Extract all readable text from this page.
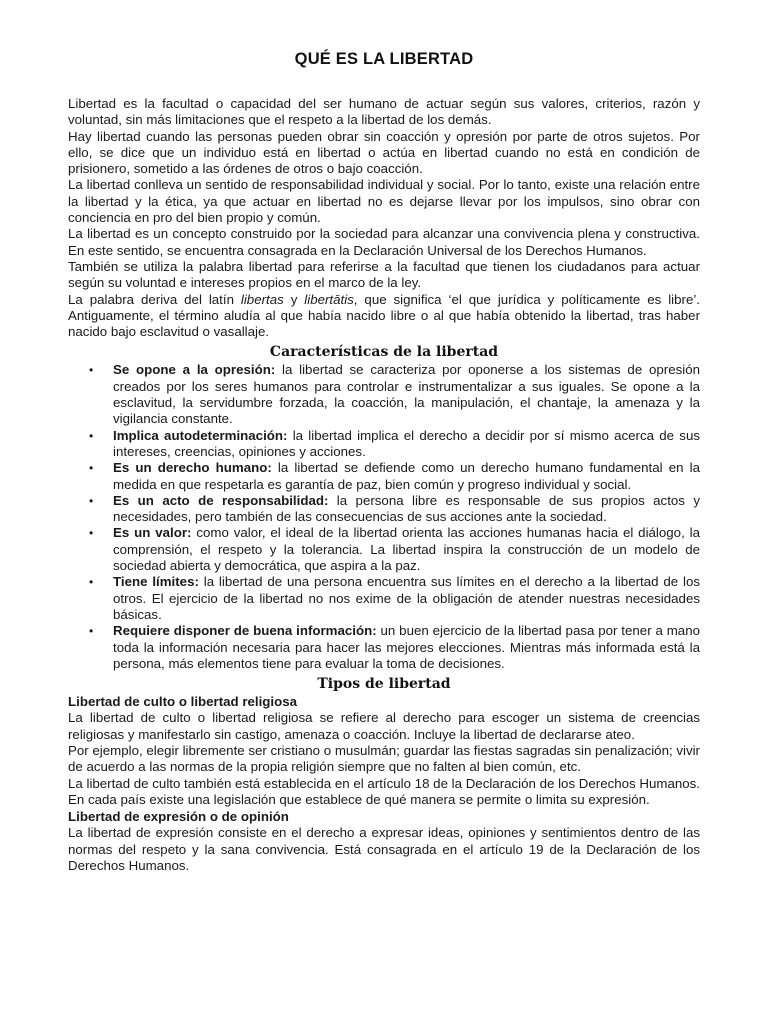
QUÉ ES LA LIBERTAD

Libertad es la facultad o capacidad del ser humano de actuar según sus valores, criterios, razón y voluntad, sin más limitaciones que el respeto a la libertad de los demás.

Hay libertad cuando las personas pueden obrar sin coacción y opresión por parte de otros sujetos. Por ello, se dice que un individuo está en libertad o actúa en libertad cuando no está en condición de prisionero, sometido a las órdenes de otros o bajo coacción.

La libertad conlleva un sentido de responsabilidad individual y social. Por lo tanto, existe una relación entre la libertad y la ética, ya que actuar en libertad no es dejarse llevar por los impulsos, sino obrar con conciencia en pro del bien propio y común.

La libertad es un concepto construido por la sociedad para alcanzar una convivencia plena y constructiva. En este sentido, se encuentra consagrada en la Declaración Universal de los Derechos Humanos.

También se utiliza la palabra libertad para referirse a la facultad que tienen los ciudadanos para actuar según su voluntad e intereses propios en el marco de la ley.

La palabra deriva del latín libertas y libertātis, que significa ‘el que jurídica y políticamente es libre’. Antiguamente, el término aludía al que había nacido libre o al que había obtenido la libertad, tras haber nacido bajo esclavitud o vasallaje.

Características de la libertad
• Se opone a la opresión: la libertad se caracteriza por oponerse a los sistemas de opresión creados por los seres humanos para controlar e instrumentalizar a sus iguales. Se opone a la esclavitud, la servidumbre forzada, la coacción, la manipulación, el chantaje, la amenaza y la vigilancia constante.
• Implica autodeterminación: la libertad implica el derecho a decidir por sí mismo acerca de sus intereses, creencias, opiniones y acciones.
• Es un derecho humano: la libertad se defiende como un derecho humano fundamental en la medida en que respetarla es garantía de paz, bien común y progreso individual y social.
• Es un acto de responsabilidad: la persona libre es responsable de sus propios actos y necesidades, pero también de las consecuencias de sus acciones ante la sociedad.
• Es un valor: como valor, el ideal de la libertad orienta las acciones humanas hacia el diálogo, la comprensión, el respeto y la tolerancia. La libertad inspira la construcción de un modelo de sociedad abierta y democrática, que aspira a la paz.
• Tiene límites: la libertad de una persona encuentra sus límites en el derecho a la libertad de los otros. El ejercicio de la libertad no nos exime de la obligación de atender nuestras necesidades básicas.
• Requiere disponer de buena información: un buen ejercicio de la libertad pasa por tener a mano toda la información necesaria para hacer las mejores elecciones. Mientras más informada está la persona, más elementos tiene para evaluar la toma de decisiones.
Tipos de libertad
Libertad de culto o libertad religiosa

La libertad de culto o libertad religiosa se refiere al derecho para escoger un sistema de creencias religiosas y manifestarlo sin castigo, amenaza o coacción. Incluye la libertad de declararse ateo.

Por ejemplo, elegir libremente ser cristiano o musulmán; guardar las fiestas sagradas sin penalización; vivir de acuerdo a las normas de la propia religión siempre que no falten al bien común, etc.

La libertad de culto también está establecida en el artículo 18 de la Declaración de los Derechos Humanos. En cada país existe una legislación que establece de qué manera se permite o limita su expresión.

Libertad de expresión o de opinión

La libertad de expresión consiste en el derecho a expresar ideas, opiniones y sentimientos dentro de las normas del respeto y la sana convivencia. Está consagrada en el artículo 19 de la Declaración de los Derechos Humanos.
